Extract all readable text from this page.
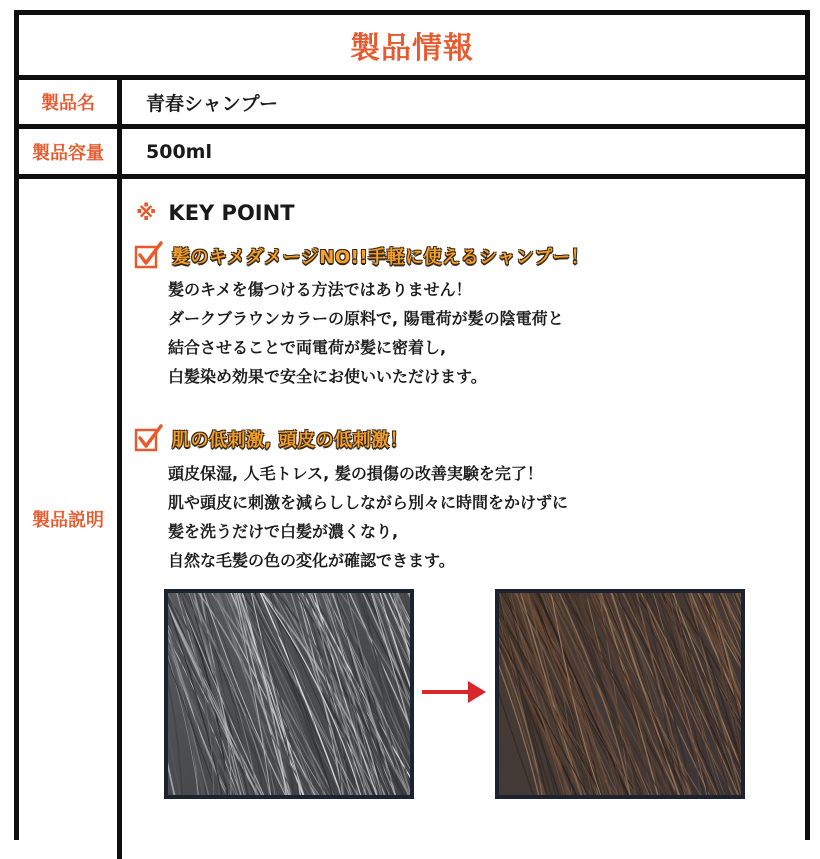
製品情報
製品名	青春シャンプー
製品容量	500ml
製品説明
※ KEY POINT
髪のキメダメージNO!!手軽に使えるシャンプー！
髪のキメを傷つける方法ではありません！
ダークブラウンカラーの原料で, 陽電荷が髪の陰電荷と
結合させることで両電荷が髪に密着し,
白髪染め効果で安全にお使いいただけます。
肌の低刺激, 頭皮の低刺激！
頭皮保湿, 人毛トレス, 髪の損傷の改善実験を完了！
肌や頭皮に刺激を減らししながら別々に時間をかけずに
髪を洗うだけで白髪が濃くなり,
自然な毛髪の色の変化が確認できます。
